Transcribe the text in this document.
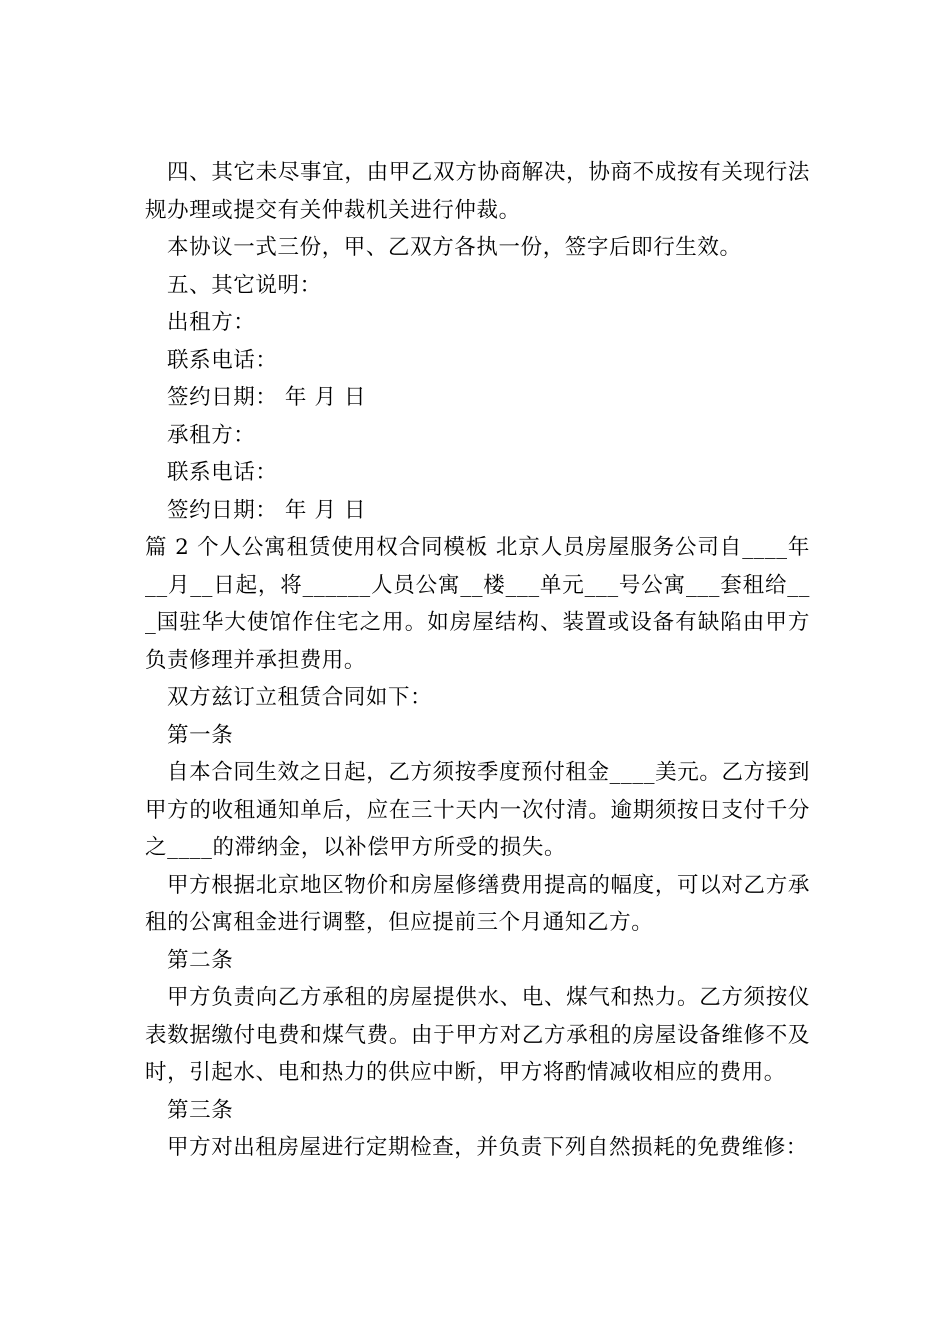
四、其它未尽事宜，由甲乙双方协商解决，协商不成按有关现行法规办理或提交有关仲裁机关进行仲裁。

本协议一式三份，甲、乙双方各执一份，签字后即行生效。

五、其它说明：

出租方：

联系电话：

签约日期： 年 月 日

承租方：

联系电话：

签约日期： 年 月 日

篇 2 个人公寓租赁使用权合同模板 北京人员房屋服务公司自____年__月__日起，将______人员公寓__楼___单元___号公寓___套租给___国驻华大使馆作住宅之用。如房屋结构、装置或设备有缺陷由甲方负责修理并承担费用。

双方兹订立租赁合同如下：

第一条

自本合同生效之日起，乙方须按季度预付租金____美元。乙方接到甲方的收租通知单后，应在三十天内一次付清。逾期须按日支付千分之____的滞纳金，以补偿甲方所受的损失。

甲方根据北京地区物价和房屋修缮费用提高的幅度，可以对乙方承租的公寓租金进行调整，但应提前三个月通知乙方。

第二条

甲方负责向乙方承租的房屋提供水、电、煤气和热力。乙方须按仪表数据缴付电费和煤气费。由于甲方对乙方承租的房屋设备维修不及时，引起水、电和热力的供应中断，甲方将酌情减收相应的费用。

第三条

甲方对出租房屋进行定期检查，并负责下列自然损耗的免费维修：
